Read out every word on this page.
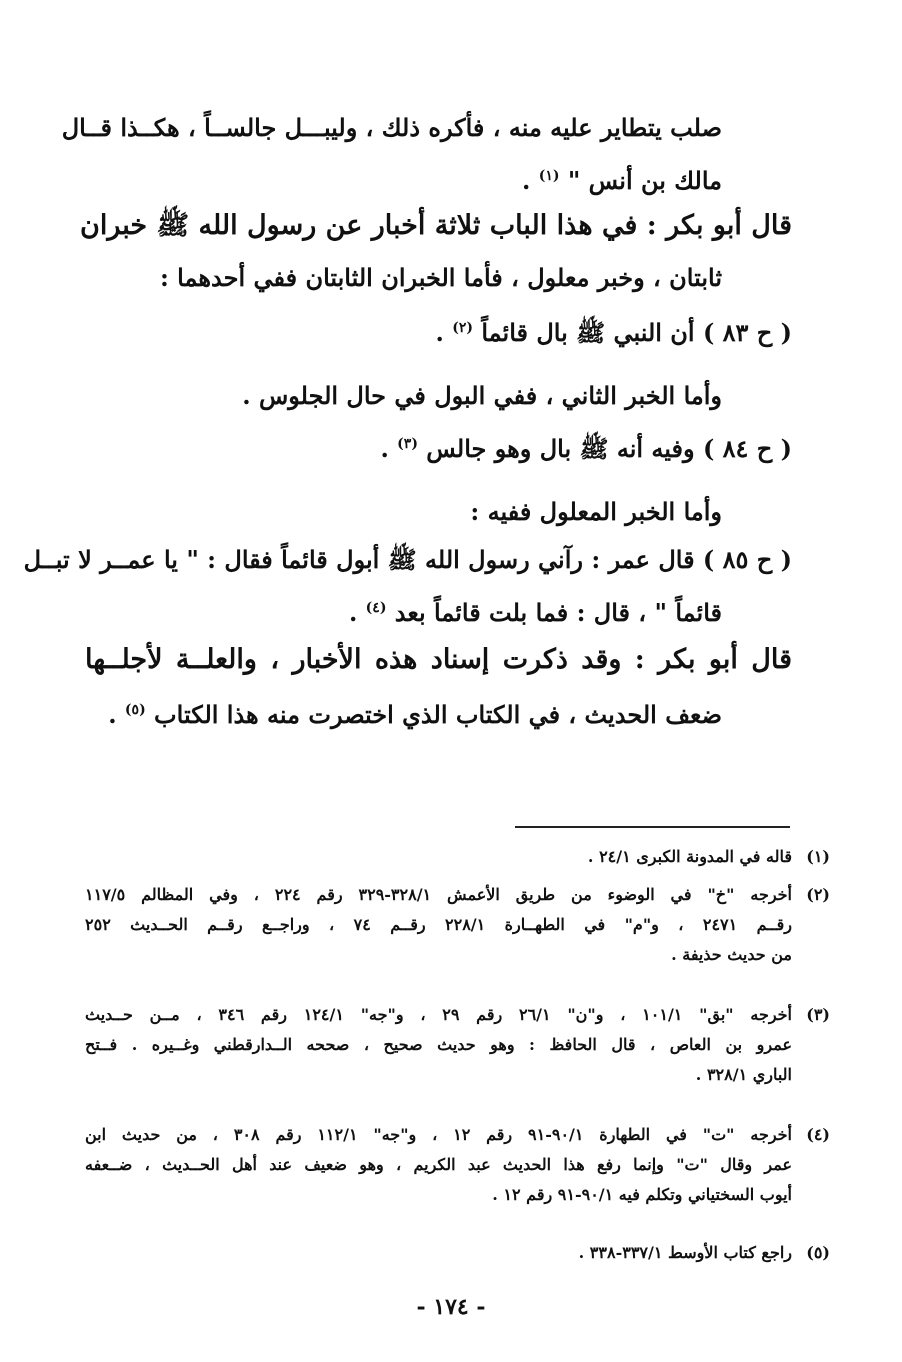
صلب يتطاير عليه منه ، فأكره ذلك ، وليبـــل جالســاً ، هكــذا قــال
مالك بن أنس " $^{(١)}$ .
قال أبو بكر : في هذا الباب ثلاثة أخبار عن رسول الله ﷺ خبران
ثابتان ، وخبر معلول ، فأما الخبران الثابتان ففي أحدهما :
( ح ٨٣ ) أن النبي ﷺ بال قائماً $^{(٢)}$ .
وأما الخبر الثاني ، ففي البول في حال الجلوس .
( ح ٨٤ ) وفيه أنه ﷺ بال وهو جالس $^{(٣)}$ .
وأما الخبر المعلول ففيه :
( ح ٨٥ ) قال عمر : رآني رسول الله ﷺ أبول قائماً فقال : " يا عمــر لا تبــل
قائماً " ، قال : فما بلت قائماً بعد $^{(٤)}$ .
قال أبو بكر : وقد ذكرت إسناد هذه الأخبار ، والعلــة لأجلــها
ضعف الحديث ، في الكتاب الذي اختصرت منه هذا الكتاب $^{(٥)}$ .
(١)
قاله في المدونة الكبرى ٢٤/١ .
(٢)
أخرجه "خ" في الوضوء من طريق الأعمش ٣٢٨/١-٣٢٩ رقم ٢٢٤ ، وفي المظالم ١١٧/٥
رقــم ٢٤٧١ ، و"م" في الطهــارة ٢٢٨/١ رقــم ٧٤ ، وراجــع رقــم الحــديث ٢٥٢
من حديث حذيفة .
(٣)
أخرجه "بق" ١٠١/١ ، و"ن" ٢٦/١ رقم ٢٩ ، و"جه" ١٢٤/١ رقم ٣٤٦ ، مــن حــديث
عمرو بن العاص ، قال الحافظ : وهو حديث صحيح ، صححه الــدارقطني وغــيره . فــتح
الباري ٣٢٨/١ .
(٤)
أخرجه "ت" في الطهارة ٩٠/١-٩١ رقم ١٢ ، و"جه" ١١٢/١ رقم ٣٠٨ ، من حديث ابن
عمر وقال "ت" وإنما رفع هذا الحديث عبد الكريم ، وهو ضعيف عند أهل الحــديث ، ضــعفه
أيوب السختياني وتكلم فيه ٩٠/١-٩١ رقم ١٢ .
(٥)
راجع كتاب الأوسط ٣٣٧/١-٣٣٨ .
- ١٧٤ -
